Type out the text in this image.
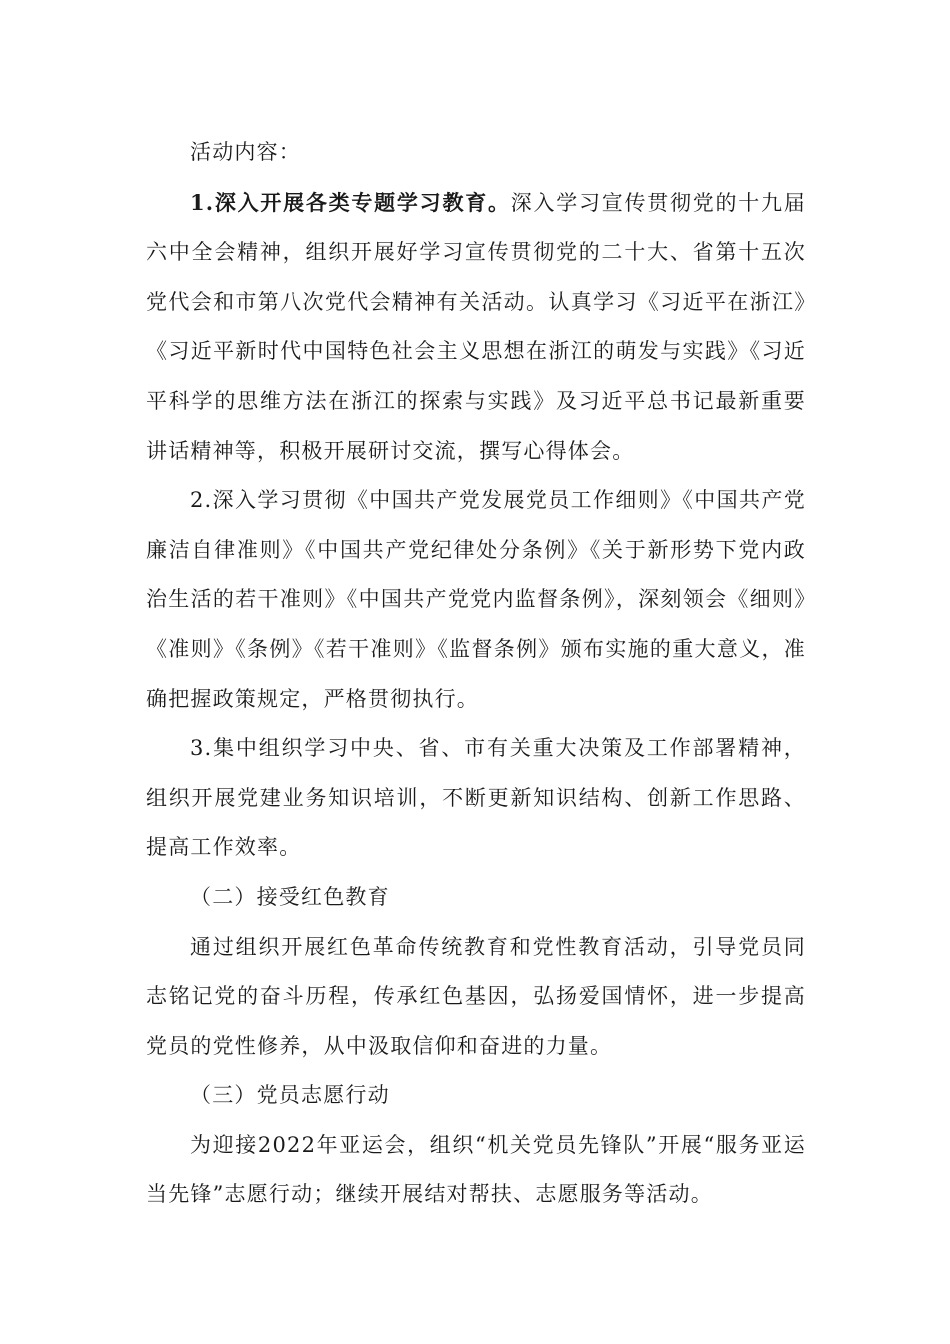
活动内容：

1.深入开展各类专题学习教育。深入学习宣传贯彻党的十九届六中全会精神，组织开展好学习宣传贯彻党的二十大、省第十五次党代会和市第八次党代会精神有关活动。认真学习《习近平在浙江》《习近平新时代中国特色社会主义思想在浙江的萌发与实践》《习近平科学的思维方法在浙江的探索与实践》及习近平总书记最新重要讲话精神等，积极开展研讨交流，撰写心得体会。

2.深入学习贯彻《中国共产党发展党员工作细则》《中国共产党廉洁自律准则》《中国共产党纪律处分条例》《关于新形势下党内政治生活的若干准则》《中国共产党党内监督条例》，深刻领会《细则》《准则》《条例》《若干准则》《监督条例》颁布实施的重大意义，准确把握政策规定，严格贯彻执行。

3.集中组织学习中央、省、市有关重大决策及工作部署精神，组织开展党建业务知识培训，不断更新知识结构、创新工作思路、提高工作效率。

（二）接受红色教育

通过组织开展红色革命传统教育和党性教育活动，引导党员同志铭记党的奋斗历程，传承红色基因，弘扬爱国情怀，进一步提高党员的党性修养，从中汲取信仰和奋进的力量。

（三）党员志愿行动

为迎接2022年亚运会，组织“机关党员先锋队”开展“服务亚运当先锋”志愿行动；继续开展结对帮扶、志愿服务等活动。
